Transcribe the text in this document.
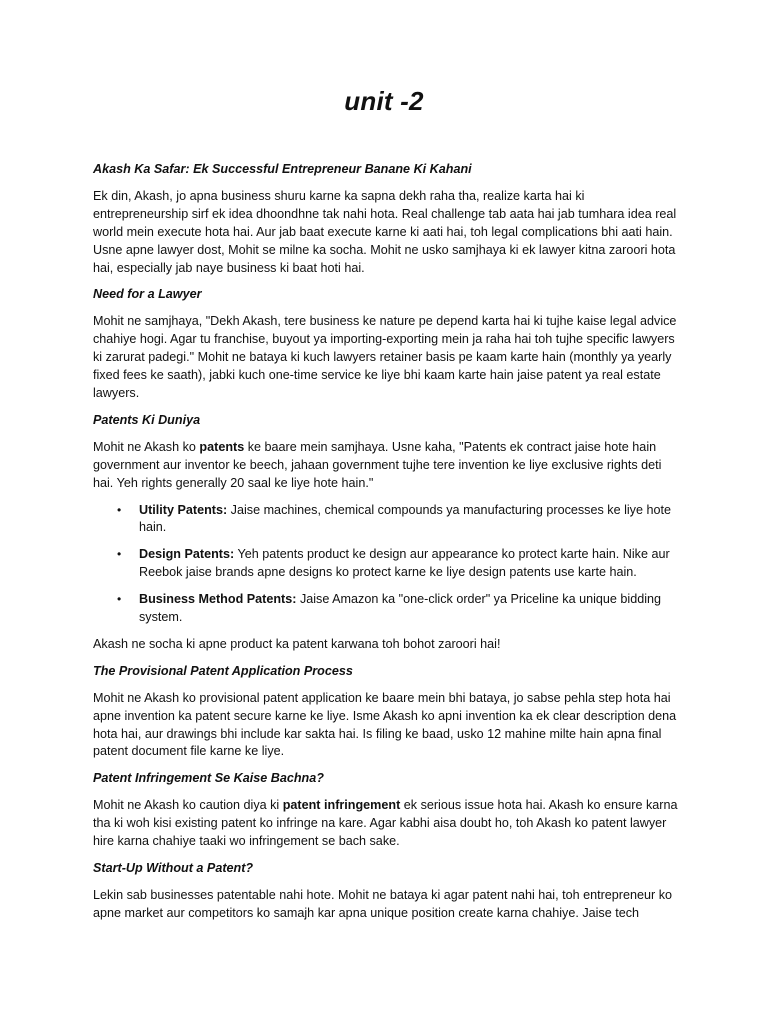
unit -2

Akash Ka Safar: Ek Successful Entrepreneur Banane Ki Kahani

Ek din, Akash, jo apna business shuru karne ka sapna dekh raha tha, realize karta hai ki entrepreneurship sirf ek idea dhoondhne tak nahi hota. Real challenge tab aata hai jab tumhara idea real world mein execute hota hai. Aur jab baat execute karne ki aati hai, toh legal complications bhi aati hain. Usne apne lawyer dost, Mohit se milne ka socha. Mohit ne usko samjhaya ki ek lawyer kitna zaroori hota hai, especially jab naye business ki baat hoti hai.

Need for a Lawyer

Mohit ne samjhaya, "Dekh Akash, tere business ke nature pe depend karta hai ki tujhe kaise legal advice chahiye hogi. Agar tu franchise, buyout ya importing-exporting mein ja raha hai toh tujhe specific lawyers ki zarurat padegi." Mohit ne bataya ki kuch lawyers retainer basis pe kaam karte hain (monthly ya yearly fixed fees ke saath), jabki kuch one-time service ke liye bhi kaam karte hain jaise patent ya real estate lawyers.

Patents Ki Duniya

Mohit ne Akash ko patents ke baare mein samjhaya. Usne kaha, "Patents ek contract jaise hote hain government aur inventor ke beech, jahaan government tujhe tere invention ke liye exclusive rights deti hai. Yeh rights generally 20 saal ke liye hote hain."

• Utility Patents: Jaise machines, chemical compounds ya manufacturing processes ke liye hote hain.
• Design Patents: Yeh patents product ke design aur appearance ko protect karte hain. Nike aur Reebok jaise brands apne designs ko protect karne ke liye design patents use karte hain.
• Business Method Patents: Jaise Amazon ka "one-click order" ya Priceline ka unique bidding system.

Akash ne socha ki apne product ka patent karwana toh bohot zaroori hai!

The Provisional Patent Application Process

Mohit ne Akash ko provisional patent application ke baare mein bhi bataya, jo sabse pehla step hota hai apne invention ka patent secure karne ke liye. Isme Akash ko apni invention ka ek clear description dena hota hai, aur drawings bhi include kar sakta hai. Is filing ke baad, usko 12 mahine milte hain apna final patent document file karne ke liye.

Patent Infringement Se Kaise Bachna?

Mohit ne Akash ko caution diya ki patent infringement ek serious issue hota hai. Akash ko ensure karna tha ki woh kisi existing patent ko infringe na kare. Agar kabhi aisa doubt ho, toh Akash ko patent lawyer hire karna chahiye taaki wo infringement se bach sake.

Start-Up Without a Patent?

Lekin sab businesses patentable nahi hote. Mohit ne bataya ki agar patent nahi hai, toh entrepreneur ko apne market aur competitors ko samajh kar apna unique position create karna chahiye. Jaise tech
